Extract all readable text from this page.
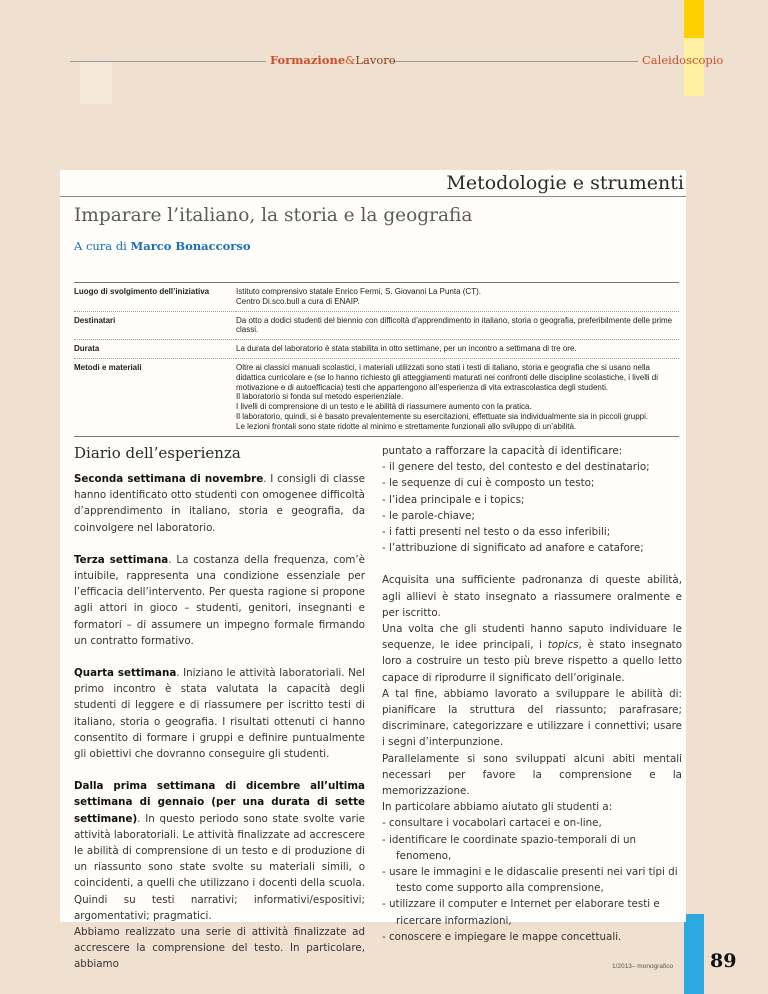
Formazione&Lavoro	Caleidoscopio
Metodologie e strumenti
Imparare l’italiano, la storia e la geografia
A cura di Marco Bonaccorso
Luogo di svolgimento dell’iniziativa	Istituto comprensivo statale Enrico Fermi, S. Giovanni La Punta (CT).
Centro Di.sco.bull a cura di ENAIP.

Destinatari	Da otto a dodici studenti del biennio con difficoltà d’apprendimento in italiano, storia o geografia, preferibilmente delle prime classi.

Durata	La durata del laboratorio è stata stabilita in otto settimane, per un incontro a settimana di tre ore.

Metodi e materiali	Oltre ai classici manuali scolastici, i materiali utilizzati sono stati i testi di italiano, storia e geografia che si usano nella didattica curricolare e (se lo hanno richiesto gli atteggiamenti maturati nei confronti delle discipline scolastiche, i livelli di motivazione e di autoefficacia) testi che appartengono all’esperienza di vita extrascolastica degli studenti.
Il laboratorio si fonda sul metodo esperienziale.
I livelli di comprensione di un testo e le abilità di riassumere aumento con la pratica.
Il laboratorio, quindi, si è basato prevalentemente su esercitazioni, effettuate sia individualmente sia in piccoli gruppi.
Le lezioni frontali sono state ridotte al minimo e strettamente funzionali allo sviluppo di un’abilità.
Diario dell’esperienza

Seconda settimana di novembre. I consigli di classe hanno identificato otto studenti con omogenee difficoltà d’apprendimento in italiano, storia e geografia, da coinvolgere nel laboratorio.

Terza settimana. La costanza della frequenza, com’è intuibile, rappresenta una condizione essenziale per l’efficacia dell’intervento. Per questa ragione si propone agli attori in gioco – studenti, genitori, insegnanti e formatori – di assumere un impegno formale firmando un contratto formativo.

Quarta settimana. Iniziano le attività laboratoriali. Nel primo incontro è stata valutata la capacità degli studenti di leggere e di riassumere per iscritto testi di italiano, storia o geografia. I risultati ottenuti ci hanno consentito di formare i gruppi e definire puntualmente gli obiettivi che dovranno conseguire gli studenti.

Dalla prima settimana di dicembre all’ultima settimana di gennaio (per una durata di sette settimane). In questo periodo sono state svolte varie attività laboratoriali. Le attività finalizzate ad accrescere le abilità di comprensione di un testo e di produzione di un riassunto sono state svolte su materiali simili, o coincidenti, a quelli che utilizzano i docenti della scuola. Quindi su testi narrativi; informativi/espositivi; argomentativi; pragmatici.
Abbiamo realizzato una serie di attività finalizzate ad accrescere la comprensione del testo. In particolare, abbiamo

puntato a rafforzare la capacità di identificare:

- il genere del testo, del contesto e del destinatario;
- le sequenze di cui è composto un testo;
- l’idea principale e i topics;
- le parole-chiave;
- i fatti presenti nel testo o da esso inferibili;
- l’attribuzione di significato ad anafore e catafore;

Acquisita una sufficiente padronanza di queste abilità, agli allievi è stato insegnato a riassumere oralmente e per iscritto.

Una volta che gli studenti hanno saputo individuare le sequenze, le idee principali, i topics, è stato insegnato loro a costruire un testo più breve rispetto a quello letto capace di riprodurre il significato dell’originale.

A tal fine, abbiamo lavorato a sviluppare le abilità di: pianificare la struttura del riassunto; parafrasare; discriminare, categorizzare e utilizzare i connettivi; usare i segni d’interpunzione.

Parallelamente si sono sviluppati alcuni abiti mentali necessari per favore la comprensione e la memorizzazione.

In particolare abbiamo aiutato gli studenti a:

- consultare i vocabolari cartacei e on-line,
- identificare le coordinate spazio-temporali di un fenomeno,
- usare le immagini e le didascalie presenti nei vari tipi di testo come supporto alla comprensione,
- utilizzare il computer e Internet per elaborare testi e ricercare informazioni,
- conoscere e impiegare le mappe concettuali.
1/2013– monografico 89
